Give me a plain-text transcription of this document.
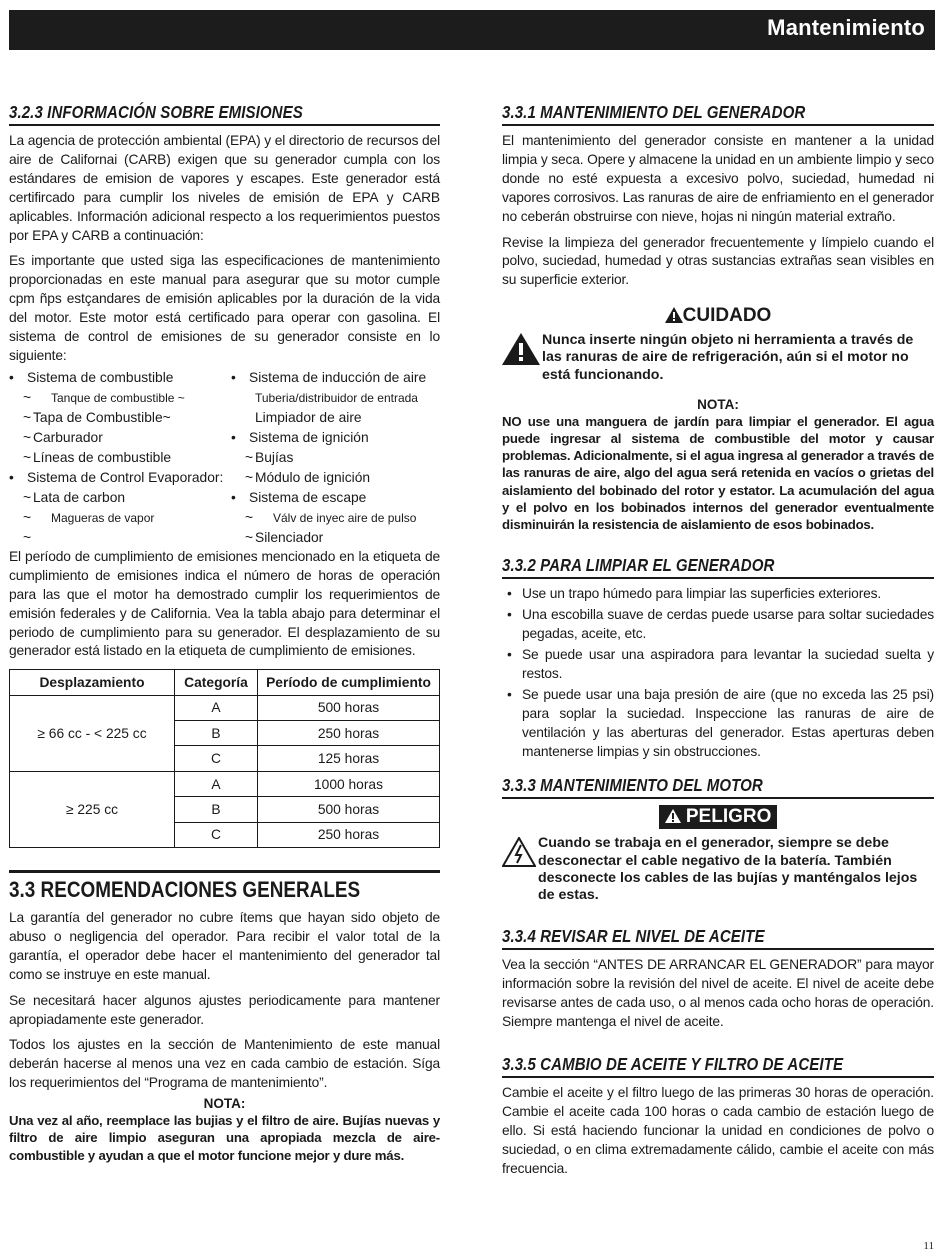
Mantenimiento
3.2.3 INFORMACIÓN SOBRE EMISIONES
La agencia de protección ambiental (EPA) y el directorio de recursos del aire de Californai (CARB) exigen que su generador cumpla con los estándares de emision de vapores y escapes. Este generador está certifircado para cumplir los niveles de emisión de EPA y CARB aplicables. Información adicional respecto a los requerimientos puestos por EPA y CARB a continuación:
Es importante que usted siga las especificaciones de mantenimiento proporcionadas en este manual para asegurar que su motor cumple cpm ñps estçandares de emisión aplicables por la duración de la vida del motor. Este motor está certificado para operar con gasolina. El sistema de control de emisiones de su generador consiste en lo siguiente:
• Sistema de combustible
~ Tanque de combustible ~
~ Tapa de Combustible~
~ Carburador
~ Líneas de combustible
• Sistema de Control Evaporador:
~ Lata de carbon
~ Magueras de vapor
~
• Sistema de inducción de aire
Tuberia/distribuidor de entrada
Limpiador de aire
• Sistema de ignición
~ Bujías
~ Módulo de ignición
• Sistema de escape
~ Válv de inyec aire de pulso
~ Silenciador
El período de cumplimiento de emisiones mencionado en la etiqueta de cumplimiento de emisiones indica el número de horas de operación para las que el motor ha demostrado cumplir los requerimientos de emisión federales y de California. Vea la tabla abajo para determinar el periodo de cumplimiento para su generador. El desplazamiento de su generador está listado en la etiqueta de cumplimiento de emisiones.
Desplazamiento	Categoría	Período de cumplimiento
≥ 66 cc - < 225 cc	A	500 horas
	B	250 horas
	C	125 horas
≥ 225 cc	A	1000 horas
	B	500 horas
	C	250 horas
3.3 RECOMENDACIONES GENERALES
La garantía del generador no cubre ítems que hayan sido objeto de abuso o negligencia del operador. Para recibir el valor total de la garantía, el operador debe hacer el mantenimiento del generador tal como se instruye en este manual.
Se necesitará hacer algunos ajustes periodicamente para mantener apropiadamente este generador.
Todos los ajustes en la sección de Mantenimiento de este manual deberán hacerse al menos una vez en cada cambio de estación. Síga los requerimientos del “Programa de mantenimiento”.
NOTA:
Una vez al año, reemplace las bujias y el filtro de aire. Bujías nuevas y filtro de aire limpio aseguran una apropiada mezcla de aire-combustible y ayudan a que el motor funcione mejor y dure más.
3.3.1 MANTENIMIENTO DEL GENERADOR
El mantenimiento del generador consiste en mantener a la unidad limpia y seca. Opere y almacene la unidad en un ambiente limpio y seco donde no esté expuesta a excesivo polvo, suciedad, humedad ni vapores corrosivos. Las ranuras de aire de enfriamiento en el generador no ceberán obstruirse con nieve, hojas ni ningún material extraño.
Revise la limpieza del generador frecuentemente y límpielo cuando el polvo, suciedad, humedad y otras sustancias extrañas sean visibles en su superficie exterior.
CUIDADO
Nunca inserte ningún objeto ni herramienta a través de las ranuras de aire de refrigeración, aún si el motor no está funcionando.
NOTA:
NO use una manguera de jardín para limpiar el generador. El agua puede ingresar al sistema de combustible del motor y causar problemas. Adicionalmente, si el agua ingresa al generador a través de las ranuras de aire, algo del agua será retenida en vacíos o grietas del aislamiento del bobinado del rotor y estator. La acumulación del agua y el polvo en los bobinados internos del generador eventualmente disminuirán la resistencia de aislamiento de esos bobinados.
3.3.2 PARA LIMPIAR EL GENERADOR
• Use un trapo húmedo para limpiar las superficies exteriores.
• Una escobilla suave de cerdas puede usarse para soltar suciedades pegadas, aceite, etc.
• Se puede usar una aspiradora para levantar la suciedad suelta y restos.
• Se puede usar una baja presión de aire (que no exceda las 25 psi) para soplar la suciedad. Inspeccione las ranuras de aire de ventilación y las aberturas del generador. Estas aperturas deben mantenerse limpias y sin obstrucciones.
3.3.3 MANTENIMIENTO DEL MOTOR
PELIGRO
Cuando se trabaja en el generador, siempre se debe desconectar el cable negativo de la batería. También desconecte los cables de las bujías y manténgalos lejos de estas.
3.3.4 REVISAR EL NIVEL DE ACEITE
Vea la sección “ANTES DE ARRANCAR EL GENERADOR” para mayor información sobre la revisión del nivel de aceite. El nivel de aceite debe revisarse antes de cada uso, o al menos cada ocho horas de operación. Siempre mantenga el nivel de aceite.
3.3.5 CAMBIO DE ACEITE Y FILTRO DE ACEITE
Cambie el aceite y el filtro luego de las primeras 30 horas de operación. Cambie el aceite cada 100 horas o cada cambio de estación luego de ello. Si está haciendo funcionar la unidad en condiciones de polvo o suciedad, o en clima extremadamente cálido, cambie el aceite con más frecuencia.
11
